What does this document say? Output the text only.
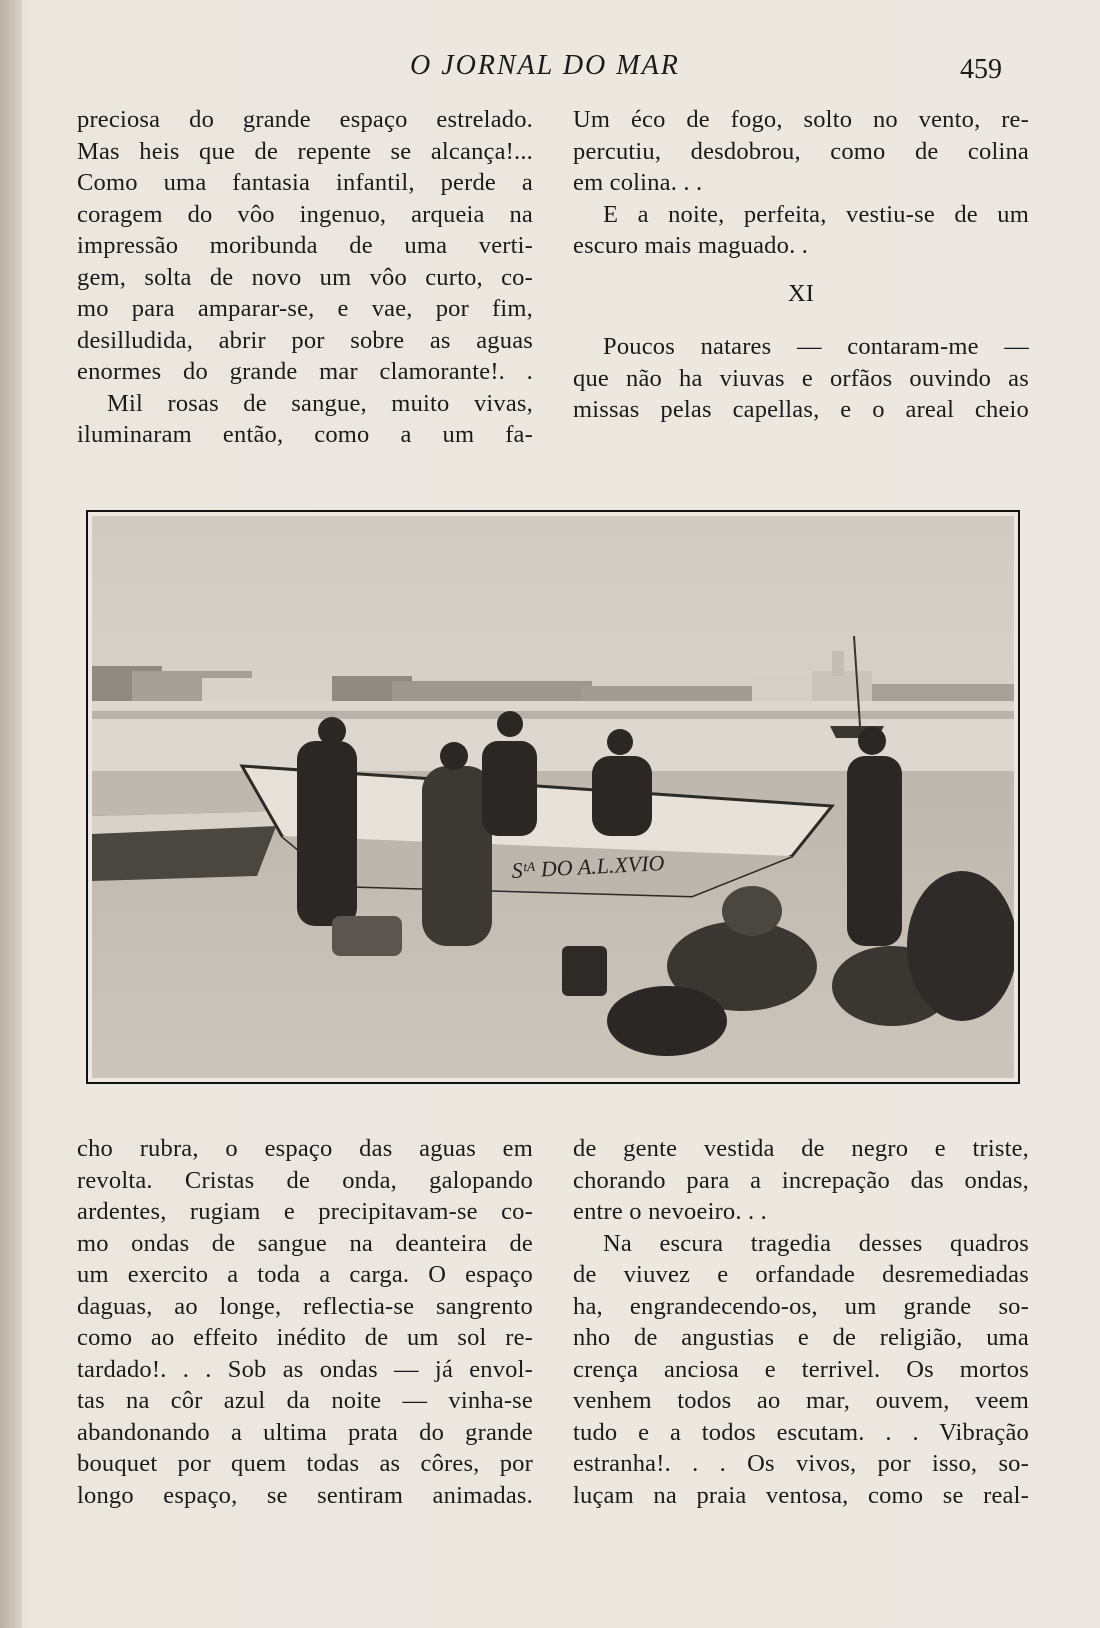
O JORNAL DO MAR	459

preciosa do grande espaço estrelado.

Mas heis que de repente se alcança!...

Como uma fantasia infantil, perde a

coragem do vôo ingenuo, arqueia na

impressão moribunda de uma verti-

gem, solta de novo um vôo curto, co-

mo para amparar-se, e vae, por fim,

desilludida, abrir por sobre as aguas

enormes do grande mar clamorante!. .

Mil rosas de sangue, muito vivas,

iluminaram então, como a um fa-

Um éco de fogo, solto no vento, re-

percutiu, desdobrou, como de colina

em colina. . .

E a noite, perfeita, vestiu-se de um

escuro mais maguado. .

XI

Poucos natares — contaram-me —

que não ha viuvas e orfãos ouvindo as

missas pelas capellas, e o areal cheio

Sᵗᴬ DO A.L.XVIO

cho rubra, o espaço das aguas em

revolta. Cristas de onda, galopando

ardentes, rugiam e precipitavam-se co-

mo ondas de sangue na deanteira de

um exercito a toda a carga. O espaço

daguas, ao longe, reflectia-se sangrento

como ao effeito inédito de um sol re-

tardado!. . . Sob as ondas — já envol-

tas na côr azul da noite — vinha-se

abandonando a ultima prata do grande

bouquet por quem todas as côres, por

longo espaço, se sentiram animadas.

de gente vestida de negro e triste,

chorando para a increpação das ondas,

entre o nevoeiro. . .

Na escura tragedia desses quadros

de viuvez e orfandade desremediadas

ha, engrandecendo-os, um grande so-

nho de angustias e de religião, uma

crença anciosa e terrivel. Os mortos

venhem todos ao mar, ouvem, veem

tudo e a todos escutam. . . Vibração

estranha!. . . Os vivos, por isso, so-

luçam na praia ventosa, como se real-
